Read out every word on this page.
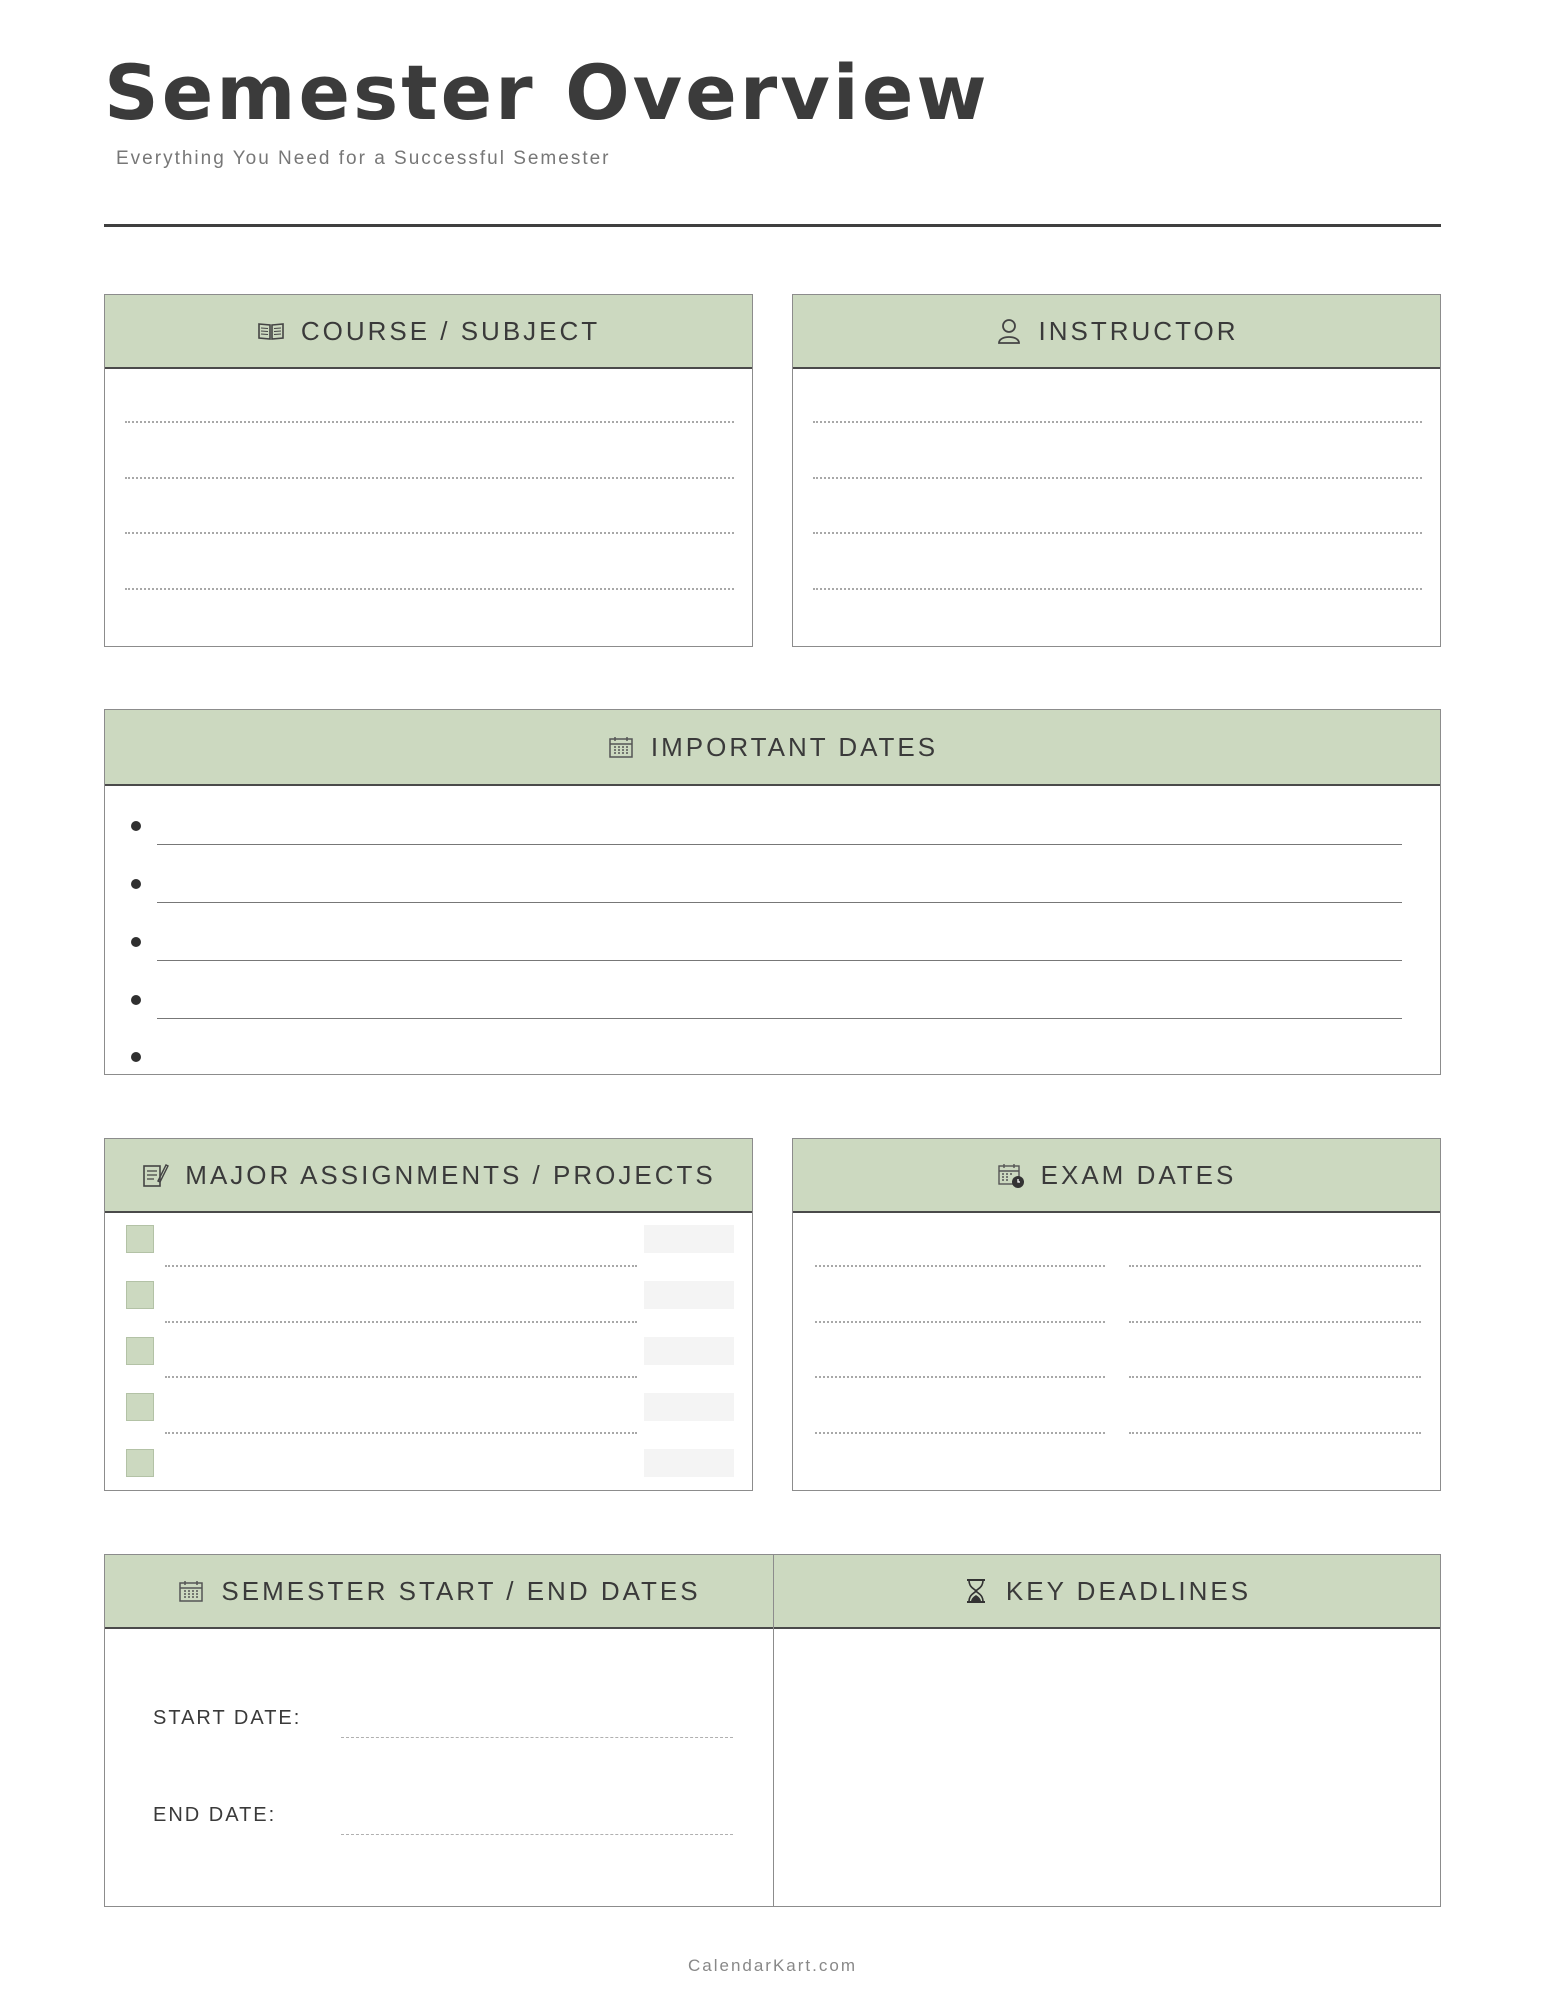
Semester Overview
Everything You Need for a Successful Semester
COURSE / SUBJECT	INSTRUCTOR
IMPORTANT DATES
MAJOR ASSIGNMENTS / PROJECTS	EXAM DATES
SEMESTER START / END DATES	KEY DEADLINES
START DATE:
END DATE:
CalendarKart.com
